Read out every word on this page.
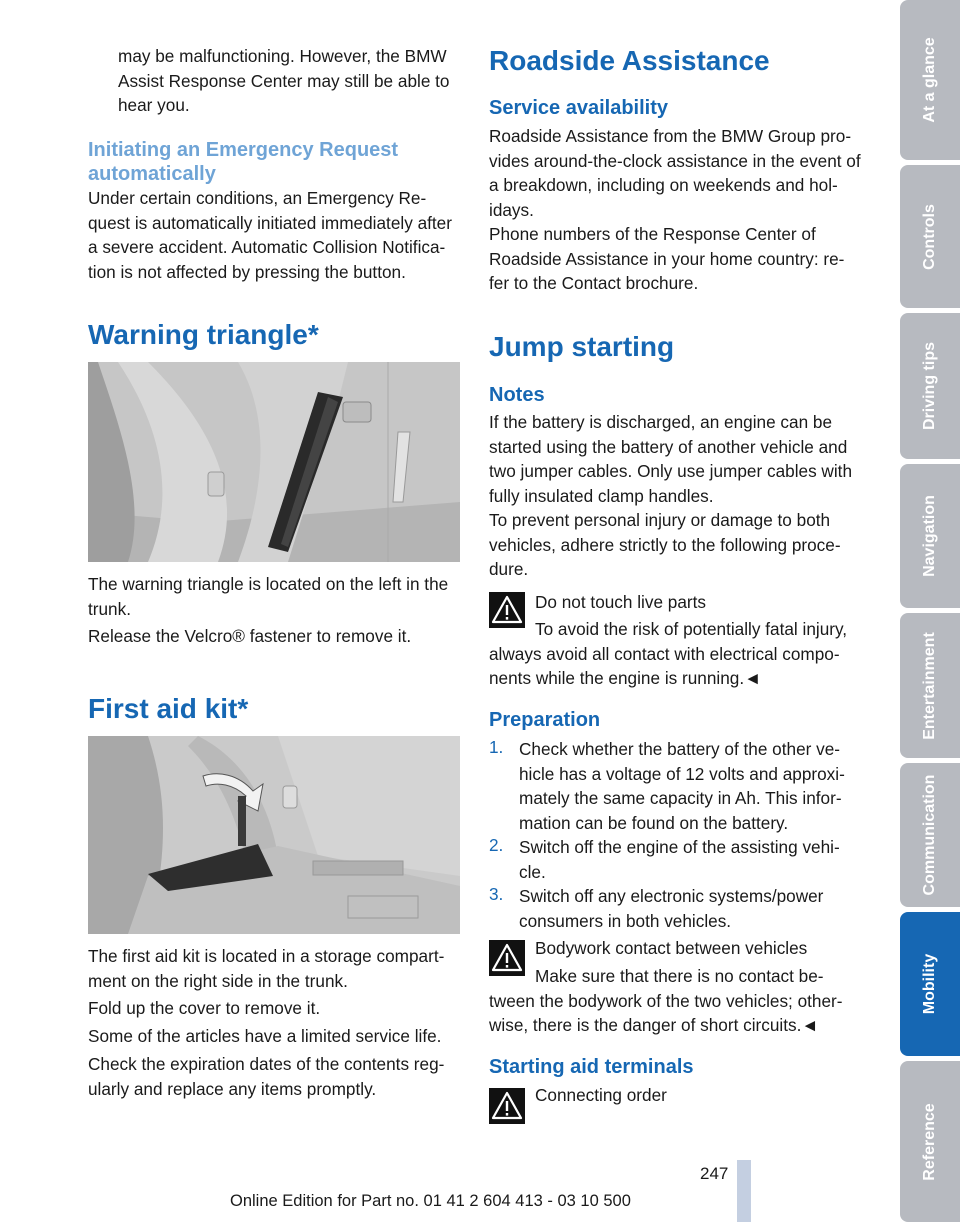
may be malfunctioning. However, the BMW Assist Response Center may still be able to hear you.
Initiating an Emergency Request automatically
Under certain conditions, an Emergency Re-quest is automatically initiated immediately after a severe accident. Automatic Collision Notifica-tion is not affected by pressing the button.
Warning triangle*
The warning triangle is located on the left in the trunk.
Release the Velcro® fastener to remove it.
First aid kit*
The first aid kit is located in a storage compart-ment on the right side in the trunk.
Fold up the cover to remove it.
Some of the articles have a limited service life.
Check the expiration dates of the contents reg-ularly and replace any items promptly.
Roadside Assistance
Service availability
Roadside Assistance from the BMW Group pro-vides around-the-clock assistance in the event of a breakdown, including on weekends and hol-idays.
Phone numbers of the Response Center of Roadside Assistance in your home country: re-fer to the Contact brochure.
Jump starting
Notes
If the battery is discharged, an engine can be started using the battery of another vehicle and two jumper cables. Only use jumper cables with fully insulated clamp handles.
To prevent personal injury or damage to both vehicles, adhere strictly to the following proce-dure.
Do not touch live parts
To avoid the risk of potentially fatal injury, always avoid all contact with electrical compo-nents while the engine is running.◄
Preparation
1. Check whether the battery of the other ve-hicle has a voltage of 12 volts and approxi-mately the same capacity in Ah. This infor-mation can be found on the battery.
2. Switch off the engine of the assisting vehi-cle.
3. Switch off any electronic systems/power consumers in both vehicles.
Bodywork contact between vehicles
Make sure that there is no contact be-tween the bodywork of the two vehicles; other-wise, there is the danger of short circuits.◄
Starting aid terminals
Connecting order
At a glance
Controls
Driving tips
Navigation
Entertainment
Communication
Mobility
Reference
247
Online Edition for Part no. 01 41 2 604 413 - 03 10 500
